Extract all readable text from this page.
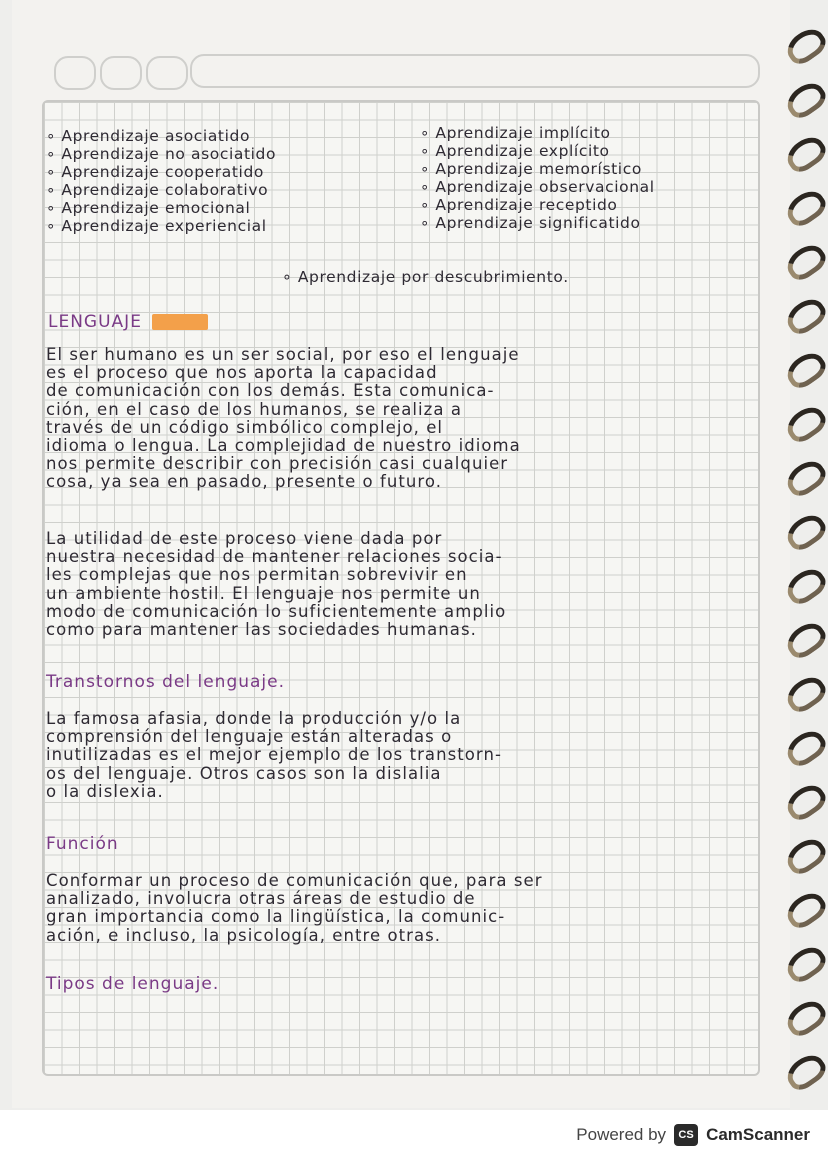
∘ Aprendizaje asociatido
∘ Aprendizaje no asociatido
∘ Aprendizaje cooperatido
∘ Aprendizaje colaborativo
∘ Aprendizaje emocional
∘ Aprendizaje experiencial
∘ Aprendizaje implícito
∘ Aprendizaje explícito
∘ Aprendizaje memorístico
∘ Aprendizaje observacional
∘ Aprendizaje receptido
∘ Aprendizaje significatido
∘ Aprendizaje por descubrimiento.
LENGUAJE
El ser humano es un ser social, por eso el lenguaje
es el proceso que nos aporta la capacidad
de comunicación con los demás. Esta comunica-
ción, en el caso de los humanos, se realiza a
través de un código simbólico complejo, el
idioma o lengua. La complejidad de nuestro idioma
nos permite describir con precisión casi cualquier
cosa, ya sea en pasado, presente o futuro.
La utilidad de este proceso viene dada por
nuestra necesidad de mantener relaciones socia-
les complejas que nos permitan sobrevivir en
un ambiente hostil. El lenguaje nos permite un
modo de comunicación lo suficientemente amplio
como para mantener las sociedades humanas.
Transtornos del lenguaje.
La famosa afasia, donde la producción y/o la
comprensión del lenguaje están alteradas o
inutilizadas es el mejor ejemplo de los transtorn-
os del lenguaje. Otros casos son la dislalia
o la dislexia.
Función
Conformar un proceso de comunicación que, para ser
analizado, involucra otras áreas de estudio de
gran importancia como la lingüística, la comunic-
ación, e incluso, la psicología, entre otras.
Tipos de lenguaje.
Powered by	CS CamScanner
